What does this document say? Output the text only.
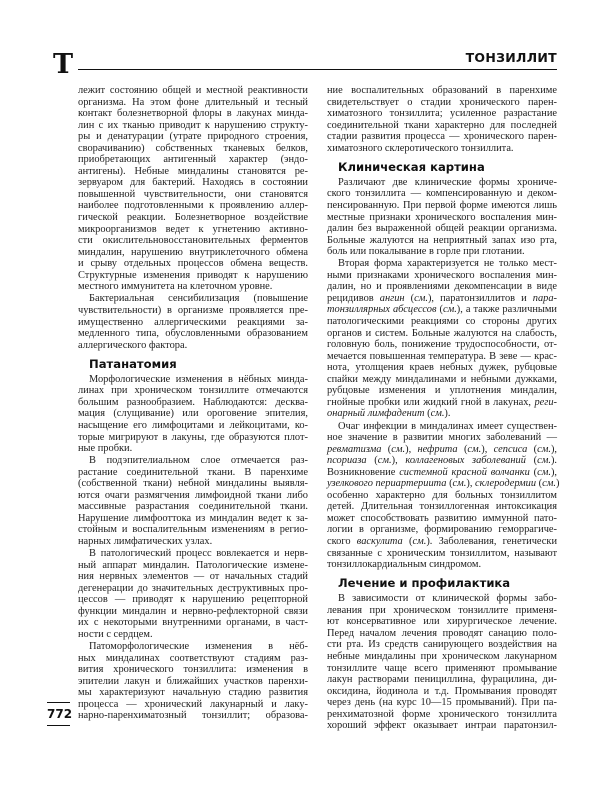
Т	ТОНЗИЛЛИТ
772
лежит состоянию общей и местной реактивности
организма. На этом фоне длительный и тесный
контакт болезнетворной флоры в лакунах минда-
лин с их тканью приводит к нарушению структу-
ры и денатурации (утрате природного строения,
сворачиванию) собственных тканевых белков,
приобретающих антигенный характер (эндо-
антигены). Небные миндалины становятся ре-
зервуаром для бактерий. Находясь в состоянии
повышенной чувствительности, они становятся
наиболее подготовленными к проявлению аллер-
гической реакции. Болезнетворное воздействие
микроорганизмов ведет к угнетению активно-
сти окислительновосстановительных ферментов
миндалин, нарушению внутриклеточного обмена
и срыву отдельных процессов обмена веществ.
Структурные изменения приводят к нарушению
местного иммунитета на клеточном уровне.
Бактериальная сенсибилизация (повышение
чувствительности) в организме проявляется пре-
имущественно аллергическими реакциями за-
медленного типа, обусловленными образованием
аллергического фактора.
Патанатомия
Морфологические изменения в нёбных минда-
линах при хроническом тонзиллите отмечаются
большим разнообразием. Наблюдаются: десква-
мация (слущивание) или ороговение эпителия,
насыщение его лимфоцитами и лейкоцитами, ко-
торые мигрируют в лакуны, где образуются плот-
ные пробки.
В подэпителиальном слое отмечается раз-
растание соединительной ткани. В паренхиме
(собственной ткани) небной миндалины выявля-
ются очаги размягчения лимфоидной ткани либо
массивные разрастания соединительной ткани.
Нарушение лимфооттока из миндалин ведет к за-
стойным и воспалительным изменениям в регио-
нарных лимфатических узлах.
В патологический процесс вовлекается и нерв-
ный аппарат миндалин. Патологические измене-
ния нервных элементов — от начальных стадий
дегенерации до значительных деструктивных про-
цессов — приводят к нарушению рецепторной
функции миндалин и нервно-рефлекторной связи
их с некоторыми внутренними органами, в част-
ности с сердцем.
Патоморфологические изменения в нёб-
ных миндалинах соответствуют стадиям раз-
вития хронического тонзиллита: изменения в
эпителии лакун и ближайших участков паренхи-
мы характеризуют начальную стадию развития
процесса — хронический лакунарный и лаку-
нарно-паренхиматозный тонзиллит; образова-
ние воспалительных образований в паренхиме
свидетельствует о стадии хронического парен-
химатозного тонзиллита; усиленное разрастание
соединительной ткани характерно для последней
стадии развития процесса — хронического парен-
химатозного склеротического тонзиллита.
Клиническая картина
Различают две клинические формы хрониче-
ского тонзиллита — компенсированную и деком-
пенсированную. При первой форме имеются лишь
местные признаки хронического воспаления мин-
далин без выраженной общей реакции организма.
Больные жалуются на неприятный запах изо рта,
боль или покалывание в горле при глотании.
Вторая форма характеризуется не только мест-
ными признаками хронического воспаления мин-
далин, но и проявлениями декомпенсации в виде
рецидивов ангин (см.), паратонзиллитов и пара-
тонзиллярных абсцессов (см.), а также различными
патологическими реакциями со стороны других
органов и систем. Больные жалуются на слабость,
головную боль, понижение трудоспособности, от-
мечается повышенная температура. В зеве — крас-
нота, утолщения краев небных дужек, рубцовые
спайки между миндалинами и небными дужками,
рубцовые изменения и уплотнения миндалин,
гнойные пробки или жидкий гной в лакунах, реги-
онарный лимфаденит (см.).
Очаг инфекции в миндалинах имеет существен-
ное значение в развитии многих заболеваний —
ревматизма (см.), нефрита (см.), сепсиса (см.),
псориаза (см.), коллагеновых заболеваний (см.).
Возникновение системной красной волчанки (см.),
узелкового периартериита (см.), склеродермии (см.)
особенно характерно для больных тонзиллитом
детей. Длительная тонзиллогенная интоксикация
может способствовать развитию иммунной пато-
логии в организме, формированию геморрагиче-
ского васкулита (см.). Заболевания, генетически
связанные с хроническим тонзиллитом, называют
тонзиллокардиальным синдромом.
Лечение и профилактика
В зависимости от клинической формы забо-
левания при хроническом тонзиллите применя-
ют консервативное или хирургическое лечение.
Перед началом лечения проводят санацию поло-
сти рта. Из средств санирующего воздействия на
небные миндалины при хроническом лакунарном
тонзиллите чаще всего применяют промывание
лакун растворами пенициллина, фурацилина, ди-
оксидина, йодинола и т.д. Промывания проводят
через день (на курс 10—15 промываний). При па-
ренхиматозной форме хронического тонзиллита
хороший эффект оказывает интраи паратонзил-
